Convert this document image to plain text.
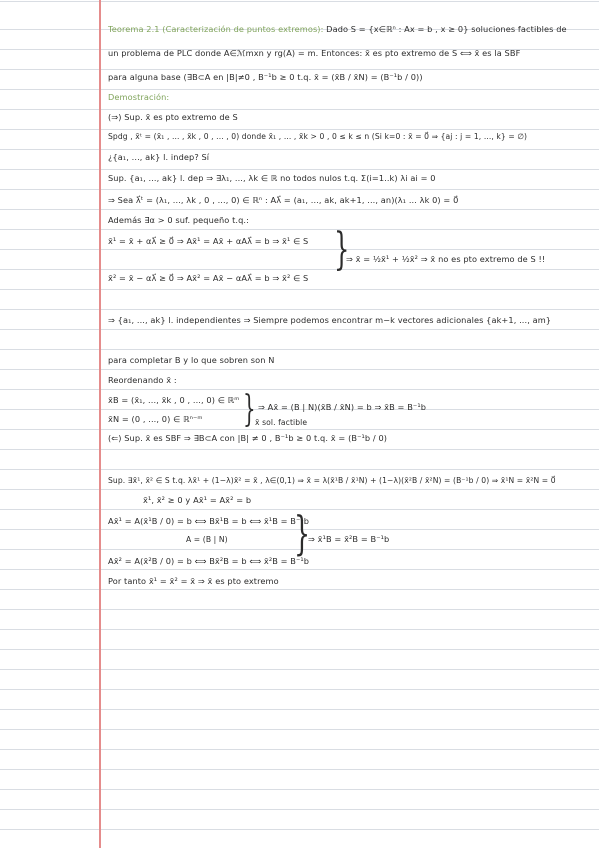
Teorema 2.1 (Caracterización de puntos extremos): Dado S = {x∈ℝⁿ : Ax = b , x ≥ 0} soluciones factibles de
un problema de PLC donde A∈ℳmxn y rg(A) = m. Entonces: x̄ es pto extremo de S ⟺ x̄ es la SBF
para alguna base (∃B⊂A en |B|≠0 , B⁻¹b ≥ 0 t.q. x̄ = (x̄B / x̄N) = (B⁻¹b / 0))
Demostración:
(⇒) Sup. x̄ es pto extremo de S
Spdg , x̄ᵗ = (x̄₁ , ... , x̄k , 0 , ... , 0) donde x̄₁ , ... , x̄k > 0 , 0 ≤ k ≤ n (Si k=0 : x̄ = 0⃗ ⇒ {aj : j = 1, ..., k} = ∅)
¿{a₁, ..., ak} l. indep? Sí
Sup. {a₁, ..., ak} l. dep ⇒ ∃λ₁, ..., λk ∈ ℝ no todos nulos t.q. Σ(i=1..k) λi ai = 0
⇒ Sea λ⃗ᵗ = (λ₁, ..., λk , 0 , ..., 0) ∈ ℝⁿ : Aλ⃗ = (a₁, ..., ak, ak+1, ..., an)(λ₁ ... λk 0) = 0⃗
Además ∃α > 0 suf. pequeño t.q.:
x̄¹ = x̄ + αλ⃗ ≥ 0⃗ ⇒ Ax̄¹ = Ax̄ + αAλ⃗ = b ⇒ x̄¹ ∈ S }
x̄² = x̄ − αλ⃗ ≥ 0⃗ ⇒ Ax̄² = Ax̄ − αAλ⃗ = b ⇒ x̄² ∈ S
⇒ x̄ = ½x̄¹ + ½x̄² ⇒ x̄ no es pto extremo de S !!
⇒ {a₁, ..., ak} l. independientes ⇒ Siempre podemos encontrar m−k vectores adicionales {ak+1, ..., am}
para completar B y lo que sobren son N
Reordenando x̄ :
x̄B = (x̄₁, ..., x̄k , 0 , ..., 0) ∈ ℝᵐ
x̄N = (0 , ..., 0) ∈ ℝⁿ⁻ᵐ } ⇒ Ax̄ = (B | N)(x̄B / x̄N) = b ⇒ x̄B = B⁻¹b
x̄ sol. factible
(⇐) Sup. x̄ es SBF ⇒ ∃B⊂A con |B| ≠ 0 , B⁻¹b ≥ 0 t.q. x̄ = (B⁻¹b / 0)
Sup. ∃x̄¹, x̄² ∈ S t.q. λx̄¹ + (1−λ)x̄² = x̄ , λ∈(0,1) ⇒ x̄ = λ(x̄¹B / x̄¹N) + (1−λ)(x̄²B / x̄²N) = (B⁻¹b / 0) ⇒ x̄¹N = x̄²N = 0⃗
x̄¹, x̄² ≥ 0 y Ax̄¹ = Ax̄² = b
Ax̄¹ = A(x̄¹B / 0) = b ⟺ Bx̄¹B = b ⟺ x̄¹B = B⁻¹b
A = (B | N)
Ax̄² = A(x̄²B / 0) = b ⟺ Bx̄²B = b ⟺ x̄²B = B⁻¹b
}
⇒ x̄¹B = x̄²B = B⁻¹b
Por tanto x̄¹ = x̄² = x̄ ⇒ x̄ es pto extremo
